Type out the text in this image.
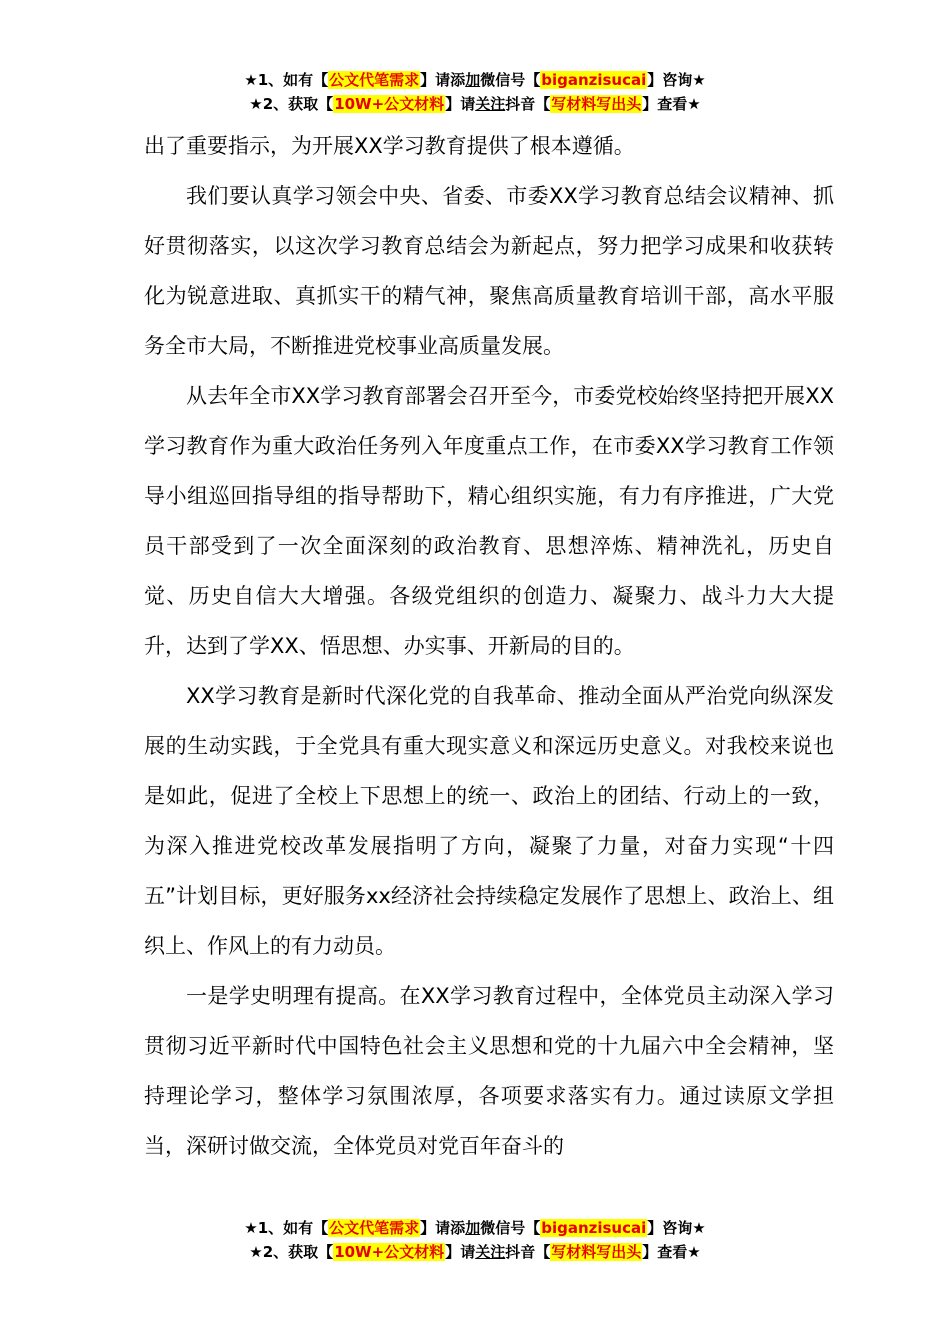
★1、如有【公文代笔需求】请添加微信号【biganzisucai】咨询★
★2、获取【10W+公文材料】请关注抖音【写材料写出头】查看★

出了重要指示，为开展XX学习教育提供了根本遵循。

我们要认真学习领会中央、省委、市委XX学习教育总结会议精神、抓好贯彻落实，以这次学习教育总结会为新起点，努力把学习成果和收获转化为锐意进取、真抓实干的精气神，聚焦高质量教育培训干部，高水平服务全市大局，不断推进党校事业高质量发展。

从去年全市XX学习教育部署会召开至今，市委党校始终坚持把开展XX学习教育作为重大政治任务列入年度重点工作，在市委XX学习教育工作领导小组巡回指导组的指导帮助下，精心组织实施，有力有序推进，广大党员干部受到了一次全面深刻的政治教育、思想淬炼、精神洗礼，历史自觉、历史自信大大增强。各级党组织的创造力、凝聚力、战斗力大大提升，达到了学XX、悟思想、办实事、开新局的目的。

XX学习教育是新时代深化党的自我革命、推动全面从严治党向纵深发展的生动实践，于全党具有重大现实意义和深远历史意义。对我校来说也是如此，促进了全校上下思想上的统一、政治上的团结、行动上的一致，为深入推进党校改革发展指明了方向，凝聚了力量，对奋力实现“十四五”计划目标，更好服务xx经济社会持续稳定发展作了思想上、政治上、组织上、作风上的有力动员。

一是学史明理有提高。在XX学习教育过程中，全体党员主动深入学习贯彻习近平新时代中国特色社会主义思想和党的十九届六中全会精神，坚持理论学习，整体学习氛围浓厚，各项要求落实有力。通过读原文学担当，深研讨做交流，全体党员对党百年奋斗的

★1、如有【公文代笔需求】请添加微信号【biganzisucai】咨询★
★2、获取【10W+公文材料】请关注抖音【写材料写出头】查看★
